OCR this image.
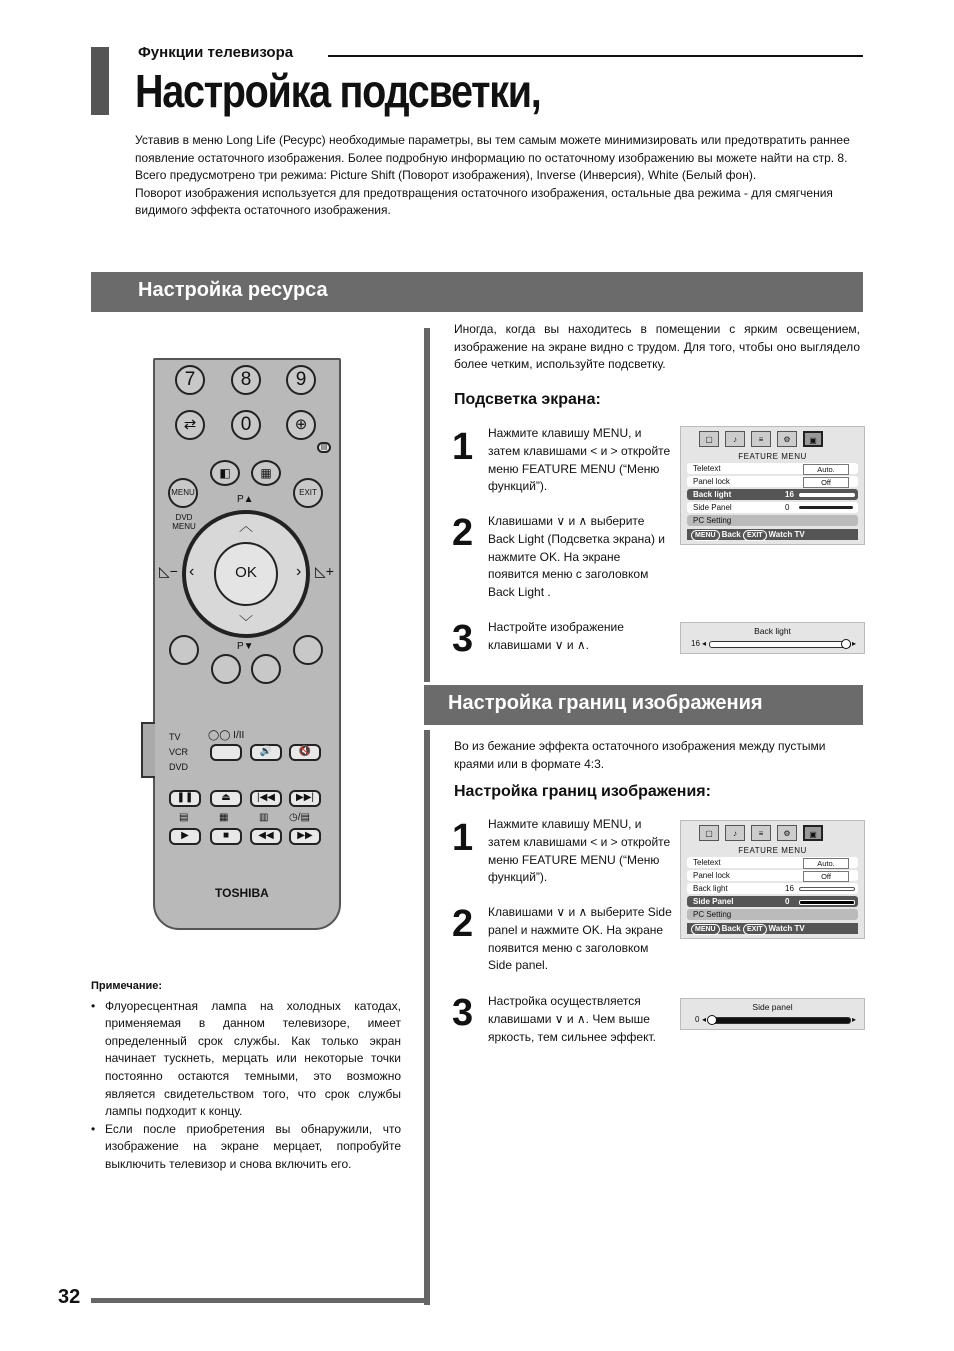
Функции телевизора
Настройка подсветки,

Уставив в меню Long Life (Ресурс) необходимые параметры, вы тем самым можете минимизировать или предотвратить раннее появление остаточного изображения. Более подробную информацию по остаточному изображению вы можете найти на стр. 8.

Всего предусмотрено три режима: Picture Shift (Поворот изображения), Inverse (Инверсия), White (Белый фон).

Поворот изображения используется для предотвращения остаточного изображения, остальные два режима - для смягчения видимого эффекта остаточного изображения.

Настройка ресурса
7	8	9
⇄	0	⊕
▤
◧	▦
MENU	EXIT
DVD
MENU
P▲
OK
︿
﹀
‹	›
◺−	◺+
P▼
TV
VCR
DVD
◯◯ I/II
🔊	🔇
❚❚	⏏	|◀◀	▶▶|
▤	▦	▥ ◷/▤
▶	■	◀◀	▶▶
TOSHIBA
Примечание:
• Флуоресцентная лампа на холодных катодах, применяемая в данном телевизоре, имеет определенный срок службы. Как только экран начинает тускнеть, мерцать или некоторые точки постоянно остаются темными, это возможно является свидетельством того, что срок службы лампы подходит к концу.
• Если после приобретения вы обнаружили, что изображение на экране мерцает, попробуйте выключить телевизор и снова включить его.
Иногда, когда вы находитесь в помещении с ярким освещением, изображение на экране видно с трудом. Для того, чтобы оно выглядело более четким, используйте подсветку.
Подсветка экрана:
1 Нажмите клавишу MENU, и затем клавишами < и > откройте меню FEATURE MENU (“Меню функций”).
2 Клавишами ∨ и ∧ выберите Back Light (Подсветка экрана) и нажмите OK. На экране появится меню с заголовком Back Light .
3 Настройте изображение клавишами ∨ и ∧.
▢	♪	≡	⚙	▣
FEATURE MENU
Teletext	Auto.
Panel lock	Off
Back light	16
Side Panel	0
PC Setting
MENU Back EXIT Watch TV
Back light
16 ◂	▸
Настройка границ изображения
Во из бежание эффекта остаточного изображения между пустыми краями или в формате 4:3.
Настройка границ изображения:
1 Нажмите клавишу MENU, и затем клавишами < и > откройте меню FEATURE MENU (“Меню функций”).
2 Клавишами ∨ и ∧ выберите Side panel и нажмите OK. На экране появится меню с заголовком Side panel.
3 Настройка осуществляется клавишами ∨ и ∧. Чем выше яркость, тем сильнее эффект.
▢	♪	≡	⚙	▣
FEATURE MENU
Teletext	Auto.
Panel lock	Off
Back light	16
Side Panel	0
PC Setting
MENU Back EXIT Watch TV
Side panel
0 ◂	▸
32
